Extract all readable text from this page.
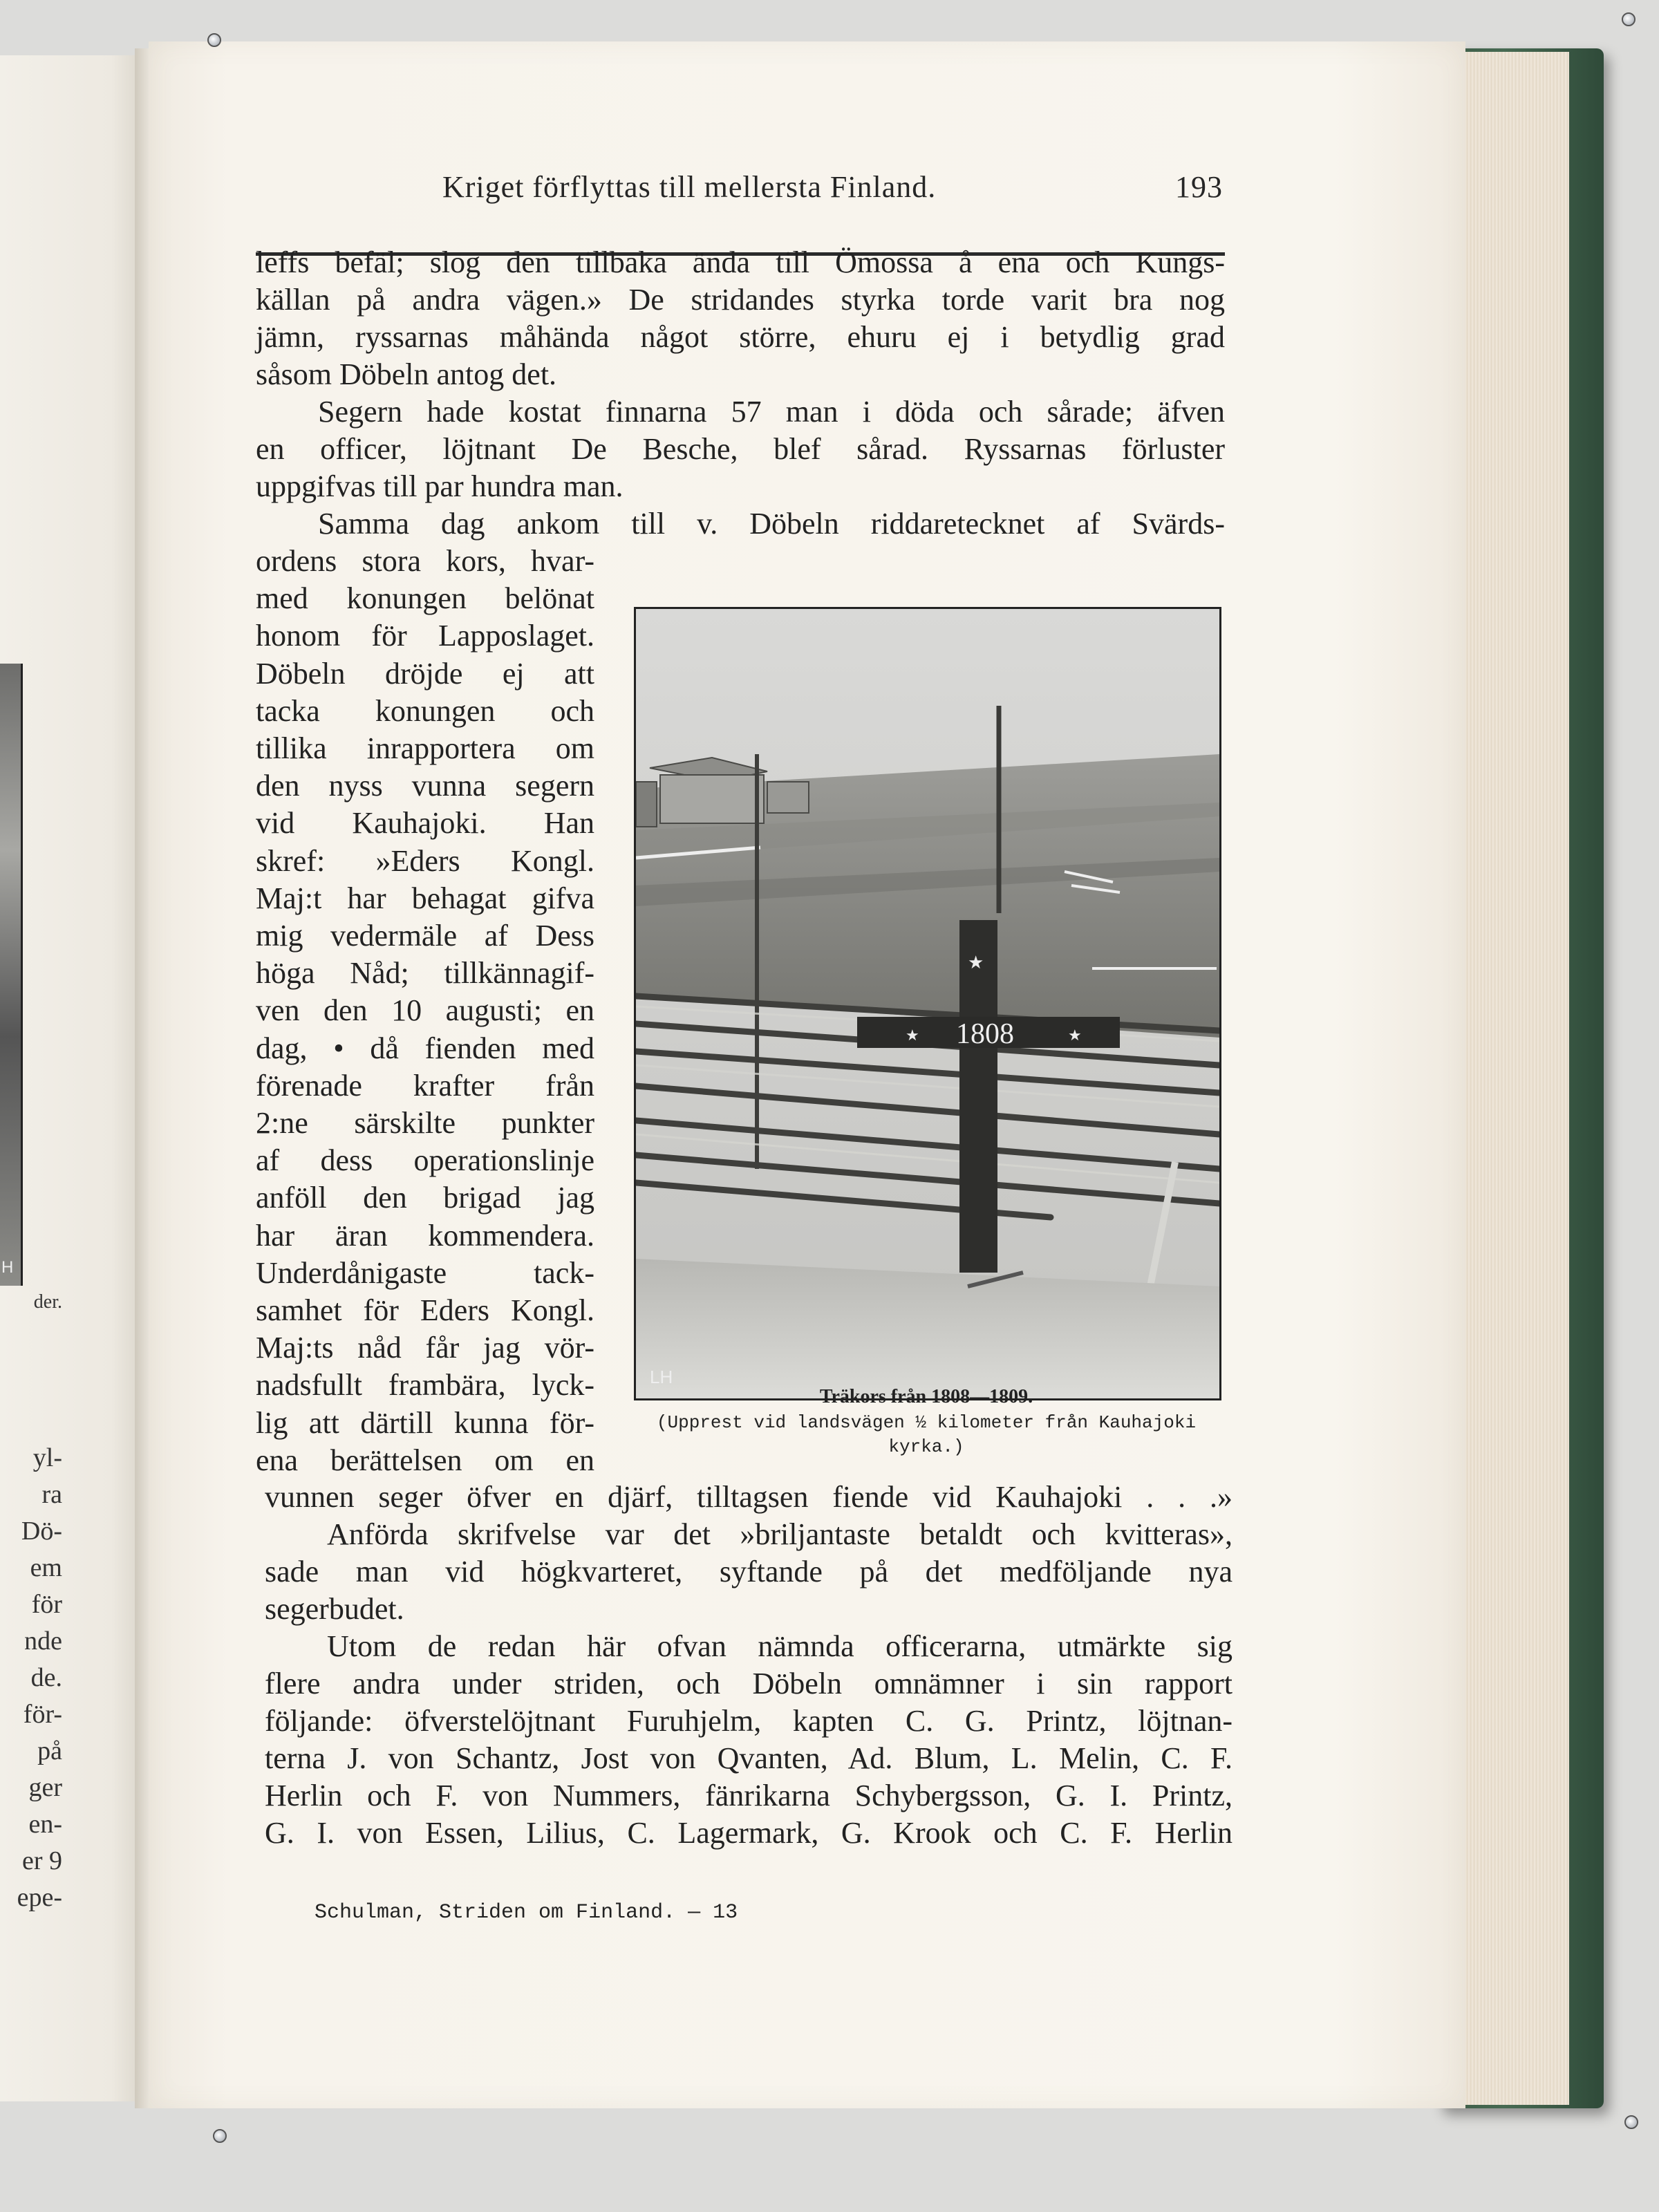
H
der.
yl-
ra
Dö-
em
för
nde
de.
för-
på
ger
en-
er 9
epe-
Kriget förflyttas till mellersta Finland.	193
leffs befäl; slog den tillbaka ända till Ömossa å ena och Kungs-
källan på andra vägen.» De stridandes styrka torde varit bra nog
jämn, ryssarnas måhända något större, ehuru ej i betydlig grad
såsom Döbeln antog det.
Segern hade kostat finnarna 57 man i döda och sårade; äfven
en officer, löjtnant De Besche, blef sårad. Ryssarnas förluster
uppgifvas till par hundra man.
Samma dag ankom till v. Döbeln riddaretecknet af Svärds-
ordens stora kors, hvar-
med konungen belönat
honom för Lapposlaget.
Döbeln dröjde ej att
tacka konungen och
tillika inrapportera om
den nyss vunna segern
vid Kauhajoki. Han
skref: »Eders Kongl.
Maj:t har behagat gifva
mig vedermäle af Dess
höga Nåd; tillkännagif-
ven den 10 augusti; en
dag, • då fienden med
förenade krafter från
2:ne särskilte punkter
af dess operationslinje
anföll den brigad jag
har äran kommendera.
Underdånigaste tack-
samhet för Eders Kongl.
Maj:ts nåd får jag vör-
nadsfullt frambära, lyck-
lig att därtill kunna för-
ena berättelsen om en
vunnen seger öfver en djärf, tilltagsen fiende vid Kauhajoki . . .»
Anförda skrifvelse var det »briljantaste betaldt och kvitteras»,
sade man vid högkvarteret, syftande på det medföljande nya
segerbudet.
Utom de redan här ofvan nämnda officerarna, utmärkte sig
flere andra under striden, och Döbeln omnämner i sin rapport
följande: öfverstelöjtnant Furuhjelm, kapten C. G. Printz, löjtnan-
terna J. von Schantz, Jost von Qvanten, Ad. Blum, L. Melin, C. F.
Herlin och F. von Nummers, fänrikarna Schybergsson, G. I. Printz,
G. I. von Essen, Lilius, C. Lagermark, G. Krook och C. F. Herlin
★
★	★
1808
LH
Träkors från 1808—1809.
(Upprest vid landsvägen ½ kilometer från Kauhajoki
kyrka.)
Schulman, Striden om Finland. — 13
